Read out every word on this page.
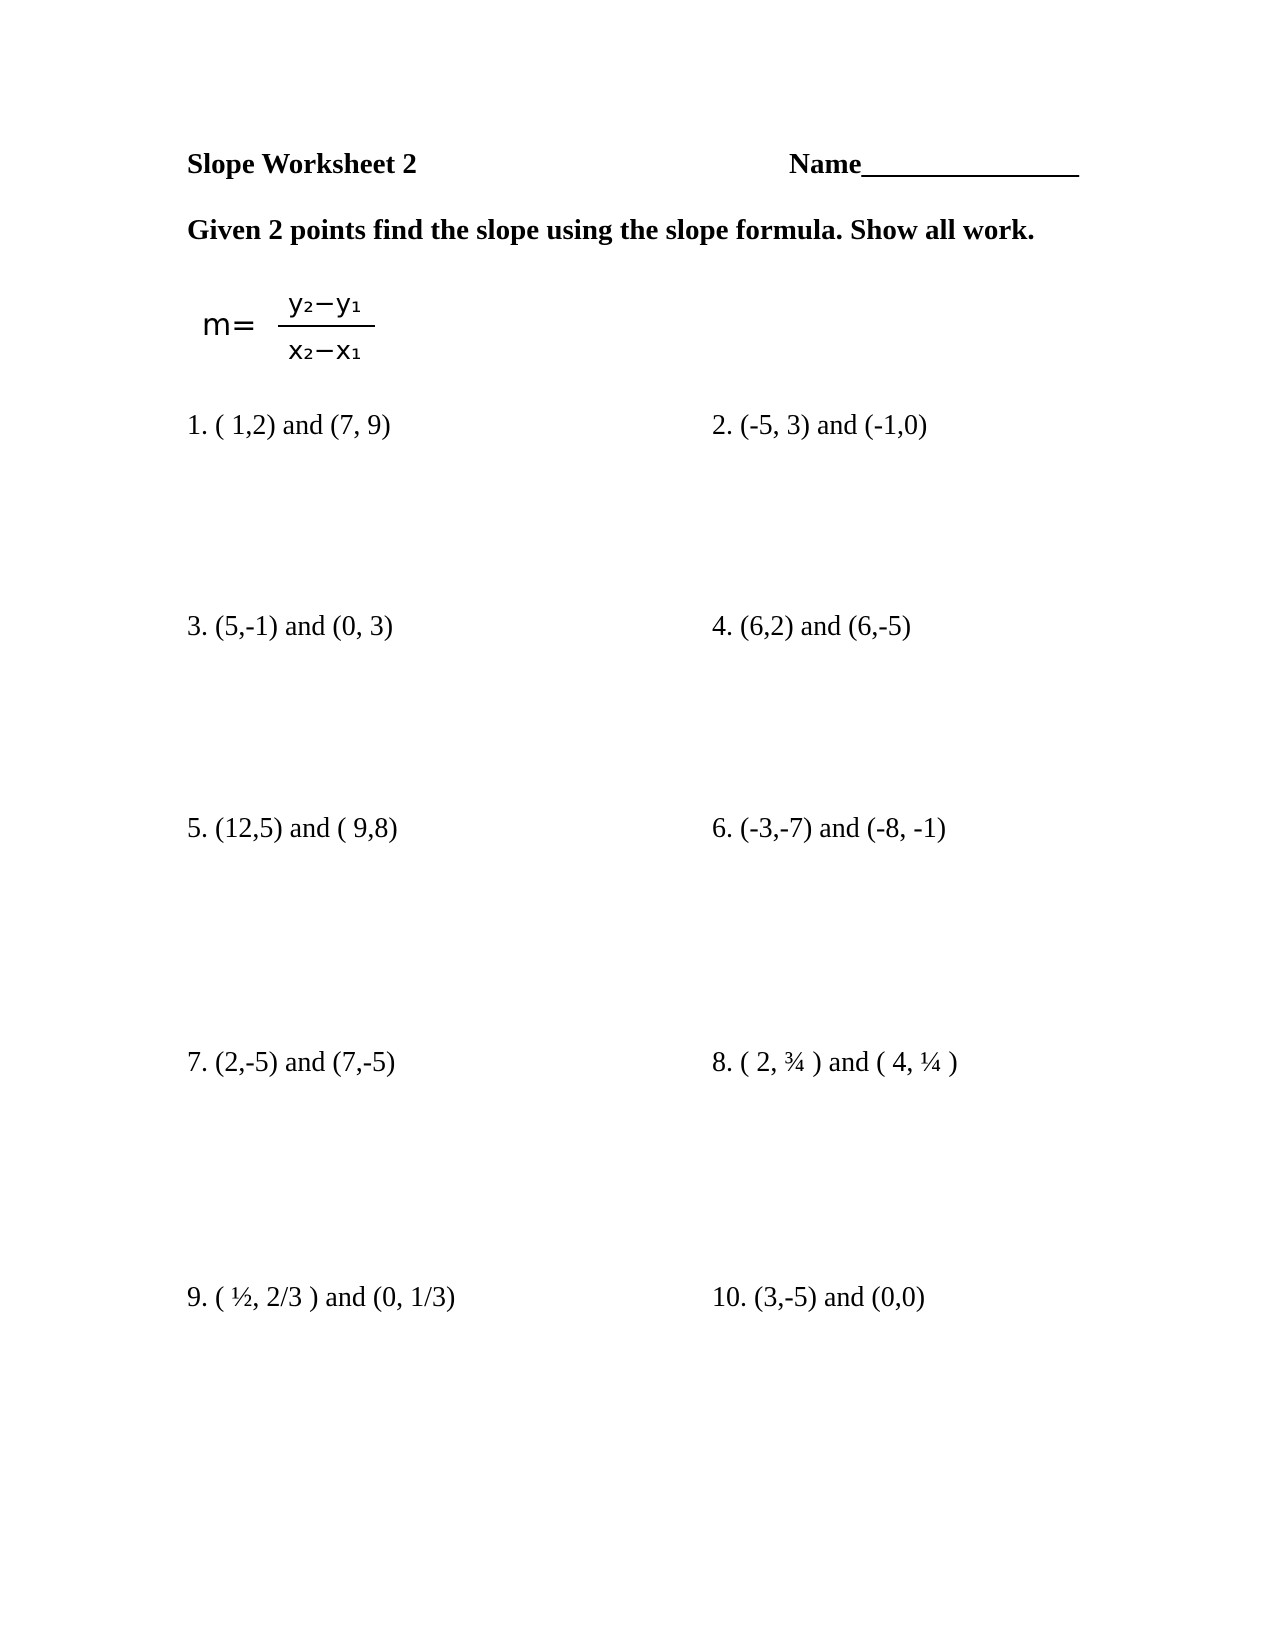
Slope Worksheet 2	Name_______________
Given 2 points find the slope using the slope formula. Show all work.
m=
y₂−y₁
x₂−x₁
1. ( 1,2) and (7, 9)	2. (-5, 3) and (-1,0)
3. (5,-1) and (0, 3)	4. (6,2) and (6,-5)
5. (12,5) and ( 9,8)	6. (-3,-7) and (-8, -1)
7. (2,-5) and (7,-5)	8. ( 2, ¾ ) and ( 4, ¼ )
9. ( ½, 2/3 ) and (0, 1/3)	10. (3,-5) and (0,0)
